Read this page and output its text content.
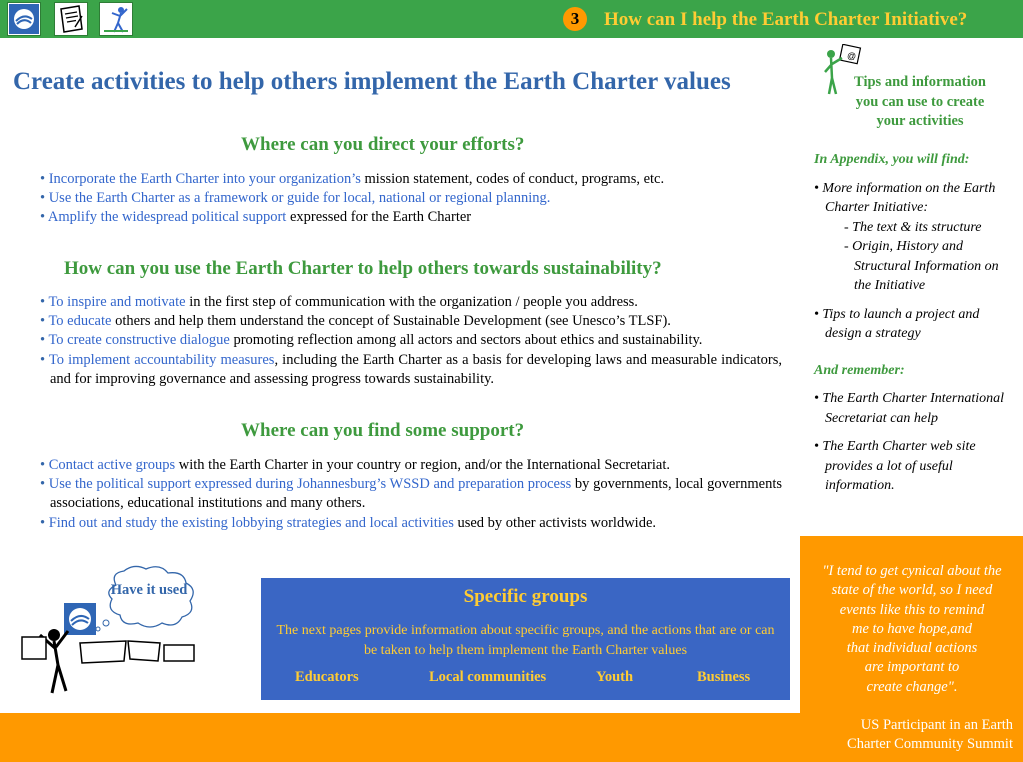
3	How can I help the Earth Charter Initiative?
Create activities to help others implement the Earth Charter values
Where can you direct your efforts?
• Incorporate the Earth Charter into your organization’s mission statement, codes of conduct, programs, etc.
• Use the Earth Charter as a framework or guide for local, national or regional planning.
• Amplify the widespread political support expressed for the Earth Charter
How can you use the Earth Charter to help others towards sustainability?
• To inspire and motivate in the first step of communication with the organization / people you address.
• To educate others and help them understand the concept of Sustainable Development (see Unesco’s TLSF).
• To create constructive dialogue promoting reflection among all actors and sectors about ethics and sustainability.
• To implement accountability measures, including the Earth Charter as a basis for developing laws and measurable indicators, and for improving governance and assessing progress towards sustainability.
Where can you find some support?
• Contact active groups with the Earth Charter in your country or region, and/or the International Secretariat.
• Use the political support expressed during Johannesburg’s WSSD and preparation process by governments, local governments associations, educational institutions and many others.
• Find out and study the existing lobbying strategies and local activities used by other activists worldwide.
@
Tips and information you can use to create your activities
In Appendix, you will find:
• More information on the Earth Charter Initiative:
- The text & its structure
- Origin, History and Structural Information on the Initiative
• Tips to launch a project and design a strategy
And remember:
• The Earth Charter International Secretariat can help
• The Earth Charter web site provides a lot of useful information.
"I tend to get cynical about the
state of the world, so I need
events like this to remind
me to have hope,and
that individual actions
are important to
create change".
US Participant in an Earth
Charter Community Summit
Specific groups
The next pages provide information about specific groups, and the actions that are or can be taken to help them implement the Earth Charter values
Educators	Local communities	Youth	Business
Have it used
